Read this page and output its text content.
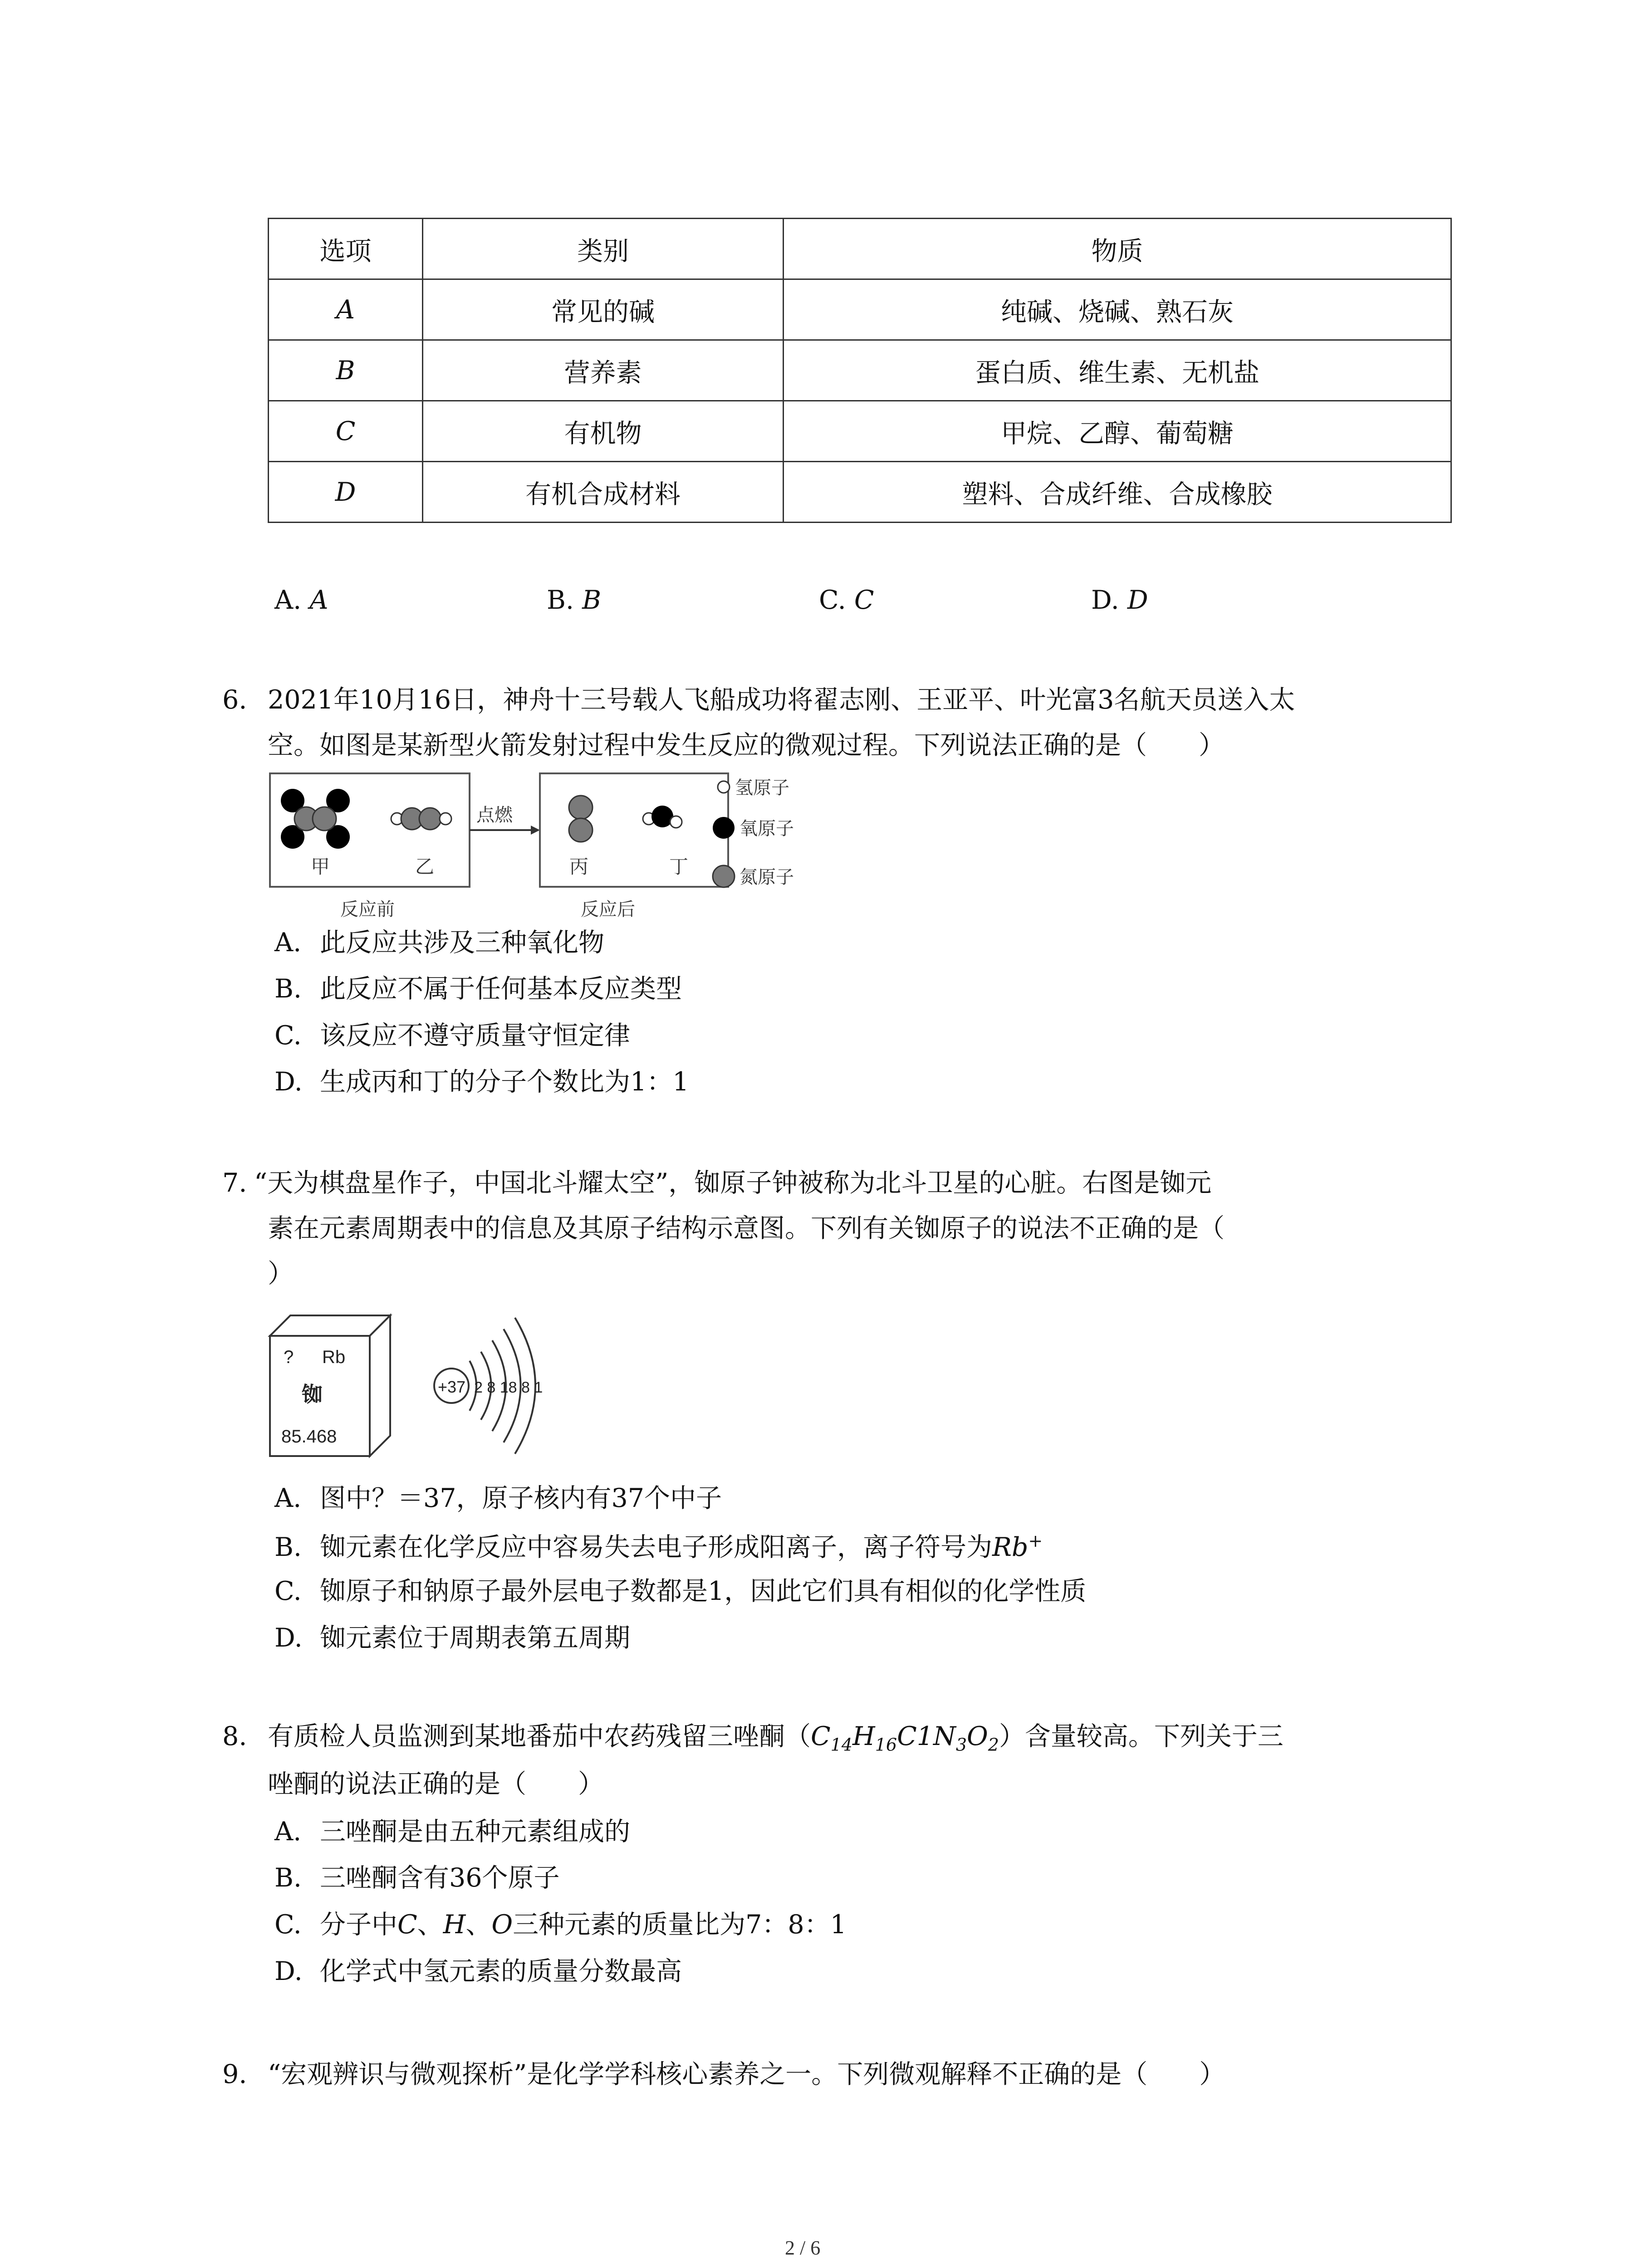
选项	类别	物质
A	常见的碱	纯碱、烧碱、熟石灰
B	营养素	蛋白质、维生素、无机盐
C	有机物	甲烷、乙醇、葡萄糖
D	有机合成材料	塑料、合成纤维、合成橡胶
A. A	B. B	C. C	D. D
6. 2021年10月16日，神舟十三号载人飞船成功将翟志刚、王亚平、叶光富3名航天员送入太
空。如图是某新型火箭发射过程中发生反应的微观过程。下列说法正确的是（　　）
甲	乙
点燃
丙	丁
反应前	反应后
氢原子
氧原子
氮原子
A. 此反应共涉及三种氧化物
B. 此反应不属于任何基本反应类型
C. 该反应不遵守质量守恒定律
D. 生成丙和丁的分子个数比为1：1
7. “天为棋盘星作子，中国北斗耀太空”，铷原子钟被称为北斗卫星的心脏。右图是铷元
素在元素周期表中的信息及其原子结构示意图。下列有关铷原子的说法不正确的是（
）
? Rb
铷
85.468
+37 2 8 18 8 1
A. 图中？＝37，原子核内有37个中子
B. 铷元素在化学反应中容易失去电子形成阳离子，离子符号为Rb+
C. 铷原子和钠原子最外层电子数都是1，因此它们具有相似的化学性质
D. 铷元素位于周期表第五周期
8. 有质检人员监测到某地番茄中农药残留三唑酮$(C_{14}H_{16}C1N_3O_2)$含量较高。下列关于三
唑酮的说法正确的是（　　）
A. 三唑酮是由五种元素组成的
B. 三唑酮含有36个原子
C. 分子中C、H、O三种元素的质量比为7：8：1
D. 化学式中氢元素的质量分数最高
9. “宏观辨识与微观探析”是化学学科核心素养之一。下列微观解释不正确的是（　　）
2 / 6
